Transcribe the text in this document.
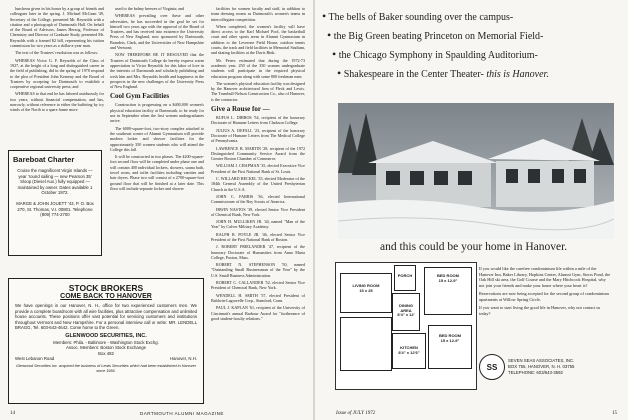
luncheon given in his honor by a group of friends and colleagues later in the spring. J. Michael McGean '49, Secretary of the College, presented Mr. Reynolds with a citation and a photograph of Dartmouth Hall. On behalf of the Board of Advisors, James Herzog, Professor of Chemistry and Director of Graduate Study, presented Mr. Reynolds with a framed $2 bill, representing his tuition commission for two years as a dollar-a-year man.

The text of the Trustees' resolution was as follows:

WHEREAS Victor G. F. Reynolds of the Class of 1927, at the height of a long and distinguished career in the field of publishing, did in the spring of 1970 respond to the plea of President John Kemeny and the Board of Trustees by accepting for Dartmouth to establish a cooperative regional university press; and

WHEREAS to that end he has labored assiduously for two years, without financial compensation, and has, narrowly, without reference to either the buffeting by icy winds of the North to a spare frame more

Bareboat Charter
Cruise the magnificent Virgin Islands — year 'round sailing — new Pearson 35' Sloop (Diesel Aux.) fully equipped — maintained by owner. Dates available 1 October 1972.
MARGE & JOHN JOUETT '43, P. O. Box 270, St. Thomas, V.I. 00801. Telephone (809) 774-2700

used to the balmy breezes of Virginia; and

WHEREAS prevailing over these and other adversities, he has succeeded in the goal he set for himself two years ago with the approval of the Board of Trustees, and has received into existence the University Press of New England, now sponsored by Dartmouth, Brandeis, Clark, and the Universities of New Hampshire and Vermont;

NOW THEREFORE BE IT RESOLVED that the Trustees of Dartmouth College do hereby express warm appreciation to Victor Reynolds for this labor of love in the interests of Dartmouth and scholarly publishing and wish him and Mrs. Reynolds health and happiness in the prospects in the new challenges of the University Press of New England.

Cool Gym Facilities

Construction is progressing on a $400,000 women's physical education facility at Dartmouth, to be ready for use in September when the first women undergraduates arrive.

The 6000-square-foot, two-story complex attached to the southeast corner of Alumni Gymnasium will provide modern locker and shower facilities for the approximately 350 women students who will attend the College this fall.

It will be constructed in two phases. The 4200-square-foot second floor will be completed under phase one and will contain 400 individual lockers, showers, sauna bath, towel room, and toilet facilities including vanities and hair dryers. Phase two will consist of a 2700-square-foot ground floor that will be finished at a later date. This floor will include separate locker and shower

facilities for women faculty and staff, in addition to team dressing rooms as Dartmouth's women's teams in intercollegiate competition.

When completed, the women's facility will have direct access to the Karl Michael Pool, the basketball court and other sports areas in Alumni Gymnasium in addition to the Leverone Field House, outdoor tennis courts, the track and field facilities in Memorial Stadium, and skating facilities at the Davis Rink.

Mr. Peters estimated that during the 1972-73 academic year, 250 of the 350 women undergraduate students will participate in the required physical education program along with some 800 freshman men.

The women's physical education facility was designed by the Hanover architectural firm of Fleck and Lewis. The Trumbull-Nelson Construction Co., also of Hanover, is the contractor.

Give a Rouse for —

RUFUS L. DIBBOS '54, recipient of the honorary Doctorate of Humane Letters from Clarkson College.

JULIUS A. DEFALL '23, recipient of the honorary Doctorate of Humane Letters from The Medical College of Pennsylvania.

LAWRENCE B. MARTIN '28, recipient of the 1972 Distinguished Community Service Award from the Greater Boston Chamber of Commerce.

WILLIAM J. CHAPMAN '35, elected Executive Vice President of the First National Bank of St. Louis.

C. WILLARD HECKEL '35, elected Moderator of the 184th General Assembly of the United Presbyterian Church in the U.S.A.

JOHN C. FARRIS '36, elected International Commissioner of the Boy Scouts of America.

IRWIN NASTOS '39, elected Senior Vice President of Chemical Bank, New York.

JOHN H. MULLIKEN JR. '44, named "Man of the Year" by Culver Military Academy.

RALPH R. POYLE JR. '46, elected Senior Vice President of the First National Bank of Boston.

J. ROBERT FRIELANDER '47, recipient of the honorary Doctorate of Humanities from Anna Maria College, Paxton, Mass.

ROBERT N. STEPHENSON '50, named "Outstanding Small Businessman of the Year" by the U.S. Small Business Administration.

ROBERT C. CALLANDER '52, elected Senior Vice President of Chemical Bank, New York.

WENDELL H. SMITH '57, elected President of Baldwin-Lagravelle Corp., Stamford, Conn.

PAUL J. KAPLAN '61, recipient of the University of Cincinnati's annual Barbour Award for "furtherance of good student-faculty relations."

STOCK BROKERS
COME BACK TO HANOVER
We have openings in our Hanover, N. H., office for two experienced customers men. We provide a complete boardroom with all wire facilities, plus attractive compensation and unlimited house accounts. These positions offer vast potential for servicing customers and institutions throughout Vermont and New Hampshire. For a personal interview call or write: MR. LENDELL BRAGG, Tel. 603-643-4642. Come home to the Green.
GLENWOOD SECURITIES, INC.
Members: Phila. - Baltimore - Washington Stock Exchg.
Assoc. Members: Boston Stock Exchange
Box 482
West Lebanon Road	Hanover, N.H.
Glenwood Securities Inc. acquired the business of Lewis Securities which had been established in Hanover since 1956.
14	DARTMOUTH ALUMNI MAGAZINE
• The bells of Baker sounding over the campus-
• the Big Green beating Princeton on Memorial Field-
• the Chicago Symphony in Spaulding Auditorium-
• Shakespeare in the Center Theater- this is Hanover.
and this could be your home in Hanover.
LIVING ROOM
15 x 25
PORCH
DINING AREA
8'4" x 12'
KITCHEN
8'4" x 12'6"
BED ROOM
15 x 12-9"
BED ROOM
15 x 12-9"

If you would like the carefree condominium life within a mile of the Hanover Inn, Baker Library, Hopkins Center, Alumni Gym, Storrs Pond, the Oak Hill ski area, the Golf Course and the Mary Hitchcock Hospital, why not join your friends and make your home where your heart is?

Reservations are now being accepted for the second group of condominium apartments at Willow Spring Circle.

If you want to start living the good life in Hanover, why not contact us today?

SS
SEVEN SEAS ASSOCIATES, INC.
BOX 755, HANOVER, N. H. 03755
TELEPHONE: 603/643-3592
Issue of JULY 1972	15
